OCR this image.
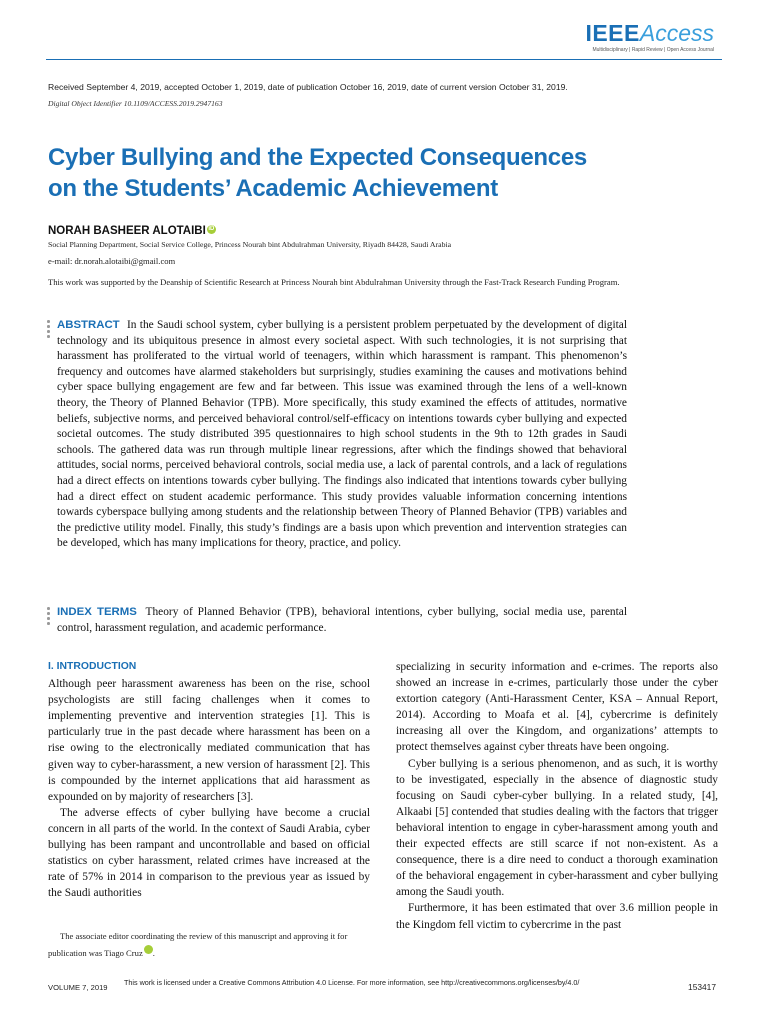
IEEEAccess
Multidisciplinary | Rapid Review | Open Access Journal
Received September 4, 2019, accepted October 1, 2019, date of publication October 16, 2019, date of current version October 31, 2019.
Digital Object Identifier 10.1109/ACCESS.2019.2947163
Cyber Bullying and the Expected Consequences
on the Students’ Academic Achievement
NORAH BASHEER ALOTAIBI iD
Social Planning Department, Social Service College, Princess Nourah bint Abdulrahman University, Riyadh 84428, Saudi Arabia
e-mail: dr.norah.alotaibi@gmail.com
This work was supported by the Deanship of Scientific Research at Princess Nourah bint Abdulrahman University through the Fast-Track Research Funding Program.
ABSTRACT In the Saudi school system, cyber bullying is a persistent problem perpetuated by the development of digital technology and its ubiquitous presence in almost every societal aspect. With such technologies, it is not surprising that harassment has proliferated to the virtual world of teenagers, within which harassment is rampant. This phenomenon’s frequency and outcomes have alarmed stakeholders but surprisingly, studies examining the causes and motivations behind cyber space bullying engagement are few and far between. This issue was examined through the lens of a well-known theory, the Theory of Planned Behavior (TPB). More specifically, this study examined the effects of attitudes, normative beliefs, subjective norms, and perceived behavioral control/self-efficacy on intentions towards cyber bullying and expected societal outcomes. The study distributed 395 questionnaires to high school students in the 9th to 12th grades in Saudi schools. The gathered data was run through multiple linear regressions, after which the findings showed that behavioral attitudes, social norms, perceived behavioral controls, social media use, a lack of parental controls, and a lack of regulations had a direct effects on intentions towards cyber bullying. The findings also indicated that intentions towards cyber bullying had a direct effect on student academic performance. This study provides valuable information concerning intentions towards cyberspace bullying among students and the relationship between Theory of Planned Behavior (TPB) variables and the predictive utility model. Finally, this study’s findings are a basis upon which prevention and intervention strategies can be developed, which has many implications for theory, practice, and policy.
INDEX TERMS Theory of Planned Behavior (TPB), behavioral intentions, cyber bullying, social media use, parental control, harassment regulation, and academic performance.
I. INTRODUCTION

Although peer harassment awareness has been on the rise, school psychologists are still facing challenges when it comes to implementing preventive and intervention strategies [1]. This is particularly true in the past decade where harassment has been on a rise owing to the electronically mediated communication that has given way to cyber-harassment, a new version of harassment [2]. This is compounded by the internet applications that aid harassment as expounded on by majority of researchers [3].

The adverse effects of cyber bullying have become a crucial concern in all parts of the world. In the context of Saudi Arabia, cyber bullying has been rampant and uncontrollable and based on official statistics on cyber harassment, related crimes have increased at the rate of 57% in 2014 in comparison to the previous year as issued by the Saudi authorities

specializing in security information and e-crimes. The reports also showed an increase in e-crimes, particularly those under the cyber extortion category (Anti-Harassment Center, KSA – Annual Report, 2014). According to Moafa et al. [4], cybercrime is definitely increasing all over the Kingdom, and organizations’ attempts to protect themselves against cyber threats have been ongoing.

Cyber bullying is a serious phenomenon, and as such, it is worthy to be investigated, especially in the absence of diagnostic study focusing on Saudi cyber-cyber bullying. In a related study, [4], Alkaabi [5] contended that studies dealing with the factors that trigger behavioral intention to engage in cyber-harassment among youth and their expected effects are still scarce if not non-existent. As a consequence, there is a dire need to conduct a thorough examination of the behavioral engagement in cyber-harassment and cyber bullying among the Saudi youth.

Furthermore, it has been estimated that over 3.6 million people in the Kingdom fell victim to cybercrime in the past

The associate editor coordinating the review of this manuscript and approving it for publication was Tiago Cruz iD.
VOLUME 7, 2019
This work is licensed under a Creative Commons Attribution 4.0 License. For more information, see http://creativecommons.org/licenses/by/4.0/	153417
